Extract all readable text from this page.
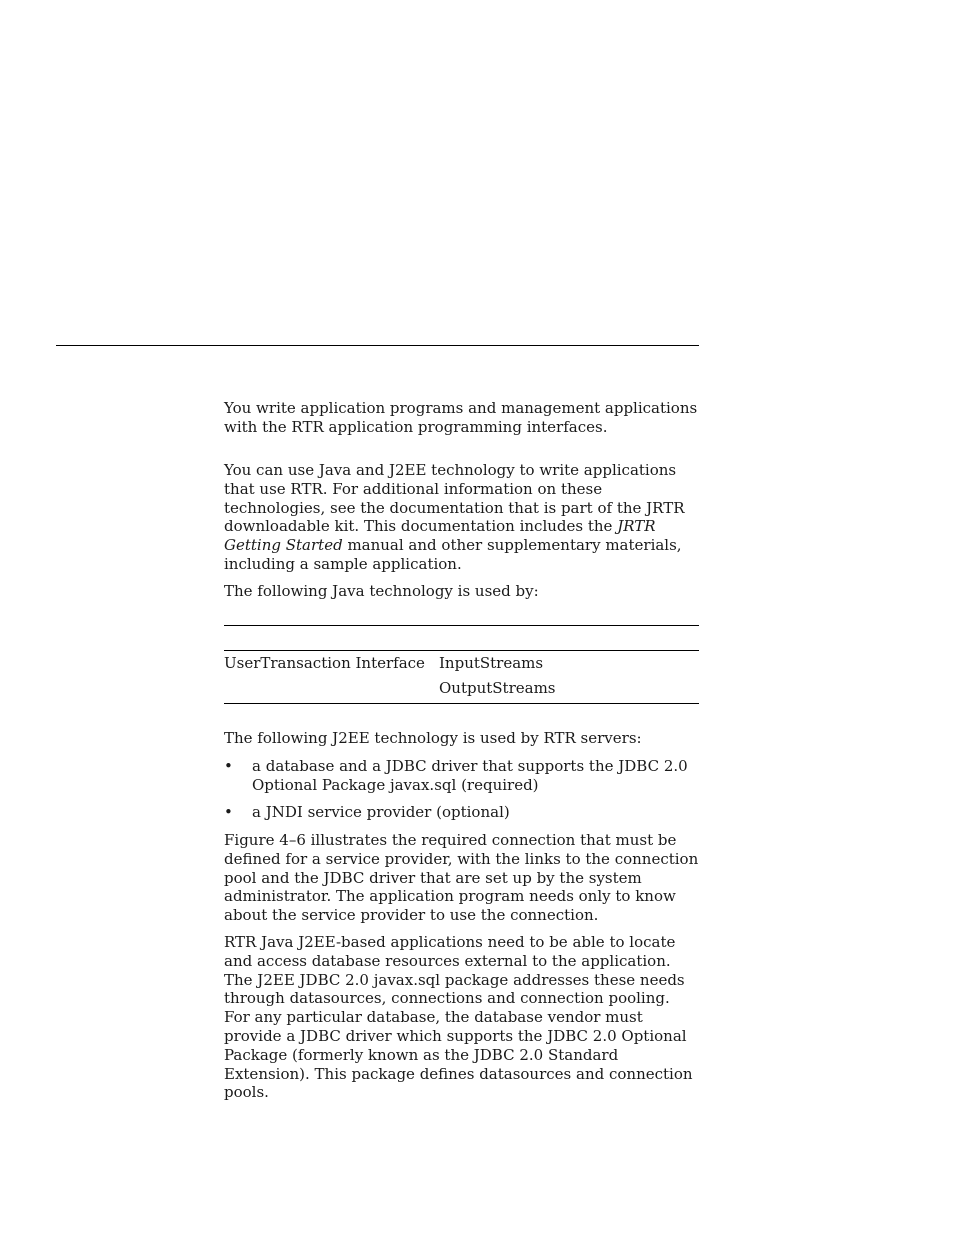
You write application programs and management applications with the RTR application programming interfaces.

You can use Java and J2EE technology to write applications that use RTR. For additional information on these technologies, see the documentation that is part of the JRTR downloadable kit. This documentation includes the JRTR Getting Started manual and other supplementary materials, including a sample application.

The following Java technology is used by:

UserTransaction Interface InputStreams
OutputStreams

The following J2EE technology is used by RTR servers:

• a database and a JDBC driver that supports the JDBC 2.0 Optional Package javax.sql (required)

• a JNDI service provider (optional)

Figure 4–6 illustrates the required connection that must be defined for a service provider, with the links to the connection pool and the JDBC driver that are set up by the system administrator. The application program needs only to know about the service provider to use the connection.

RTR Java J2EE-based applications need to be able to locate and access database resources external to the application. The J2EE JDBC 2.0 javax.sql package addresses these needs through datasources, connections and connection pooling. For any particular database, the database vendor must provide a JDBC driver which supports the JDBC 2.0 Optional Package (formerly known as the JDBC 2.0 Standard Extension). This package defines datasources and connection pools.
